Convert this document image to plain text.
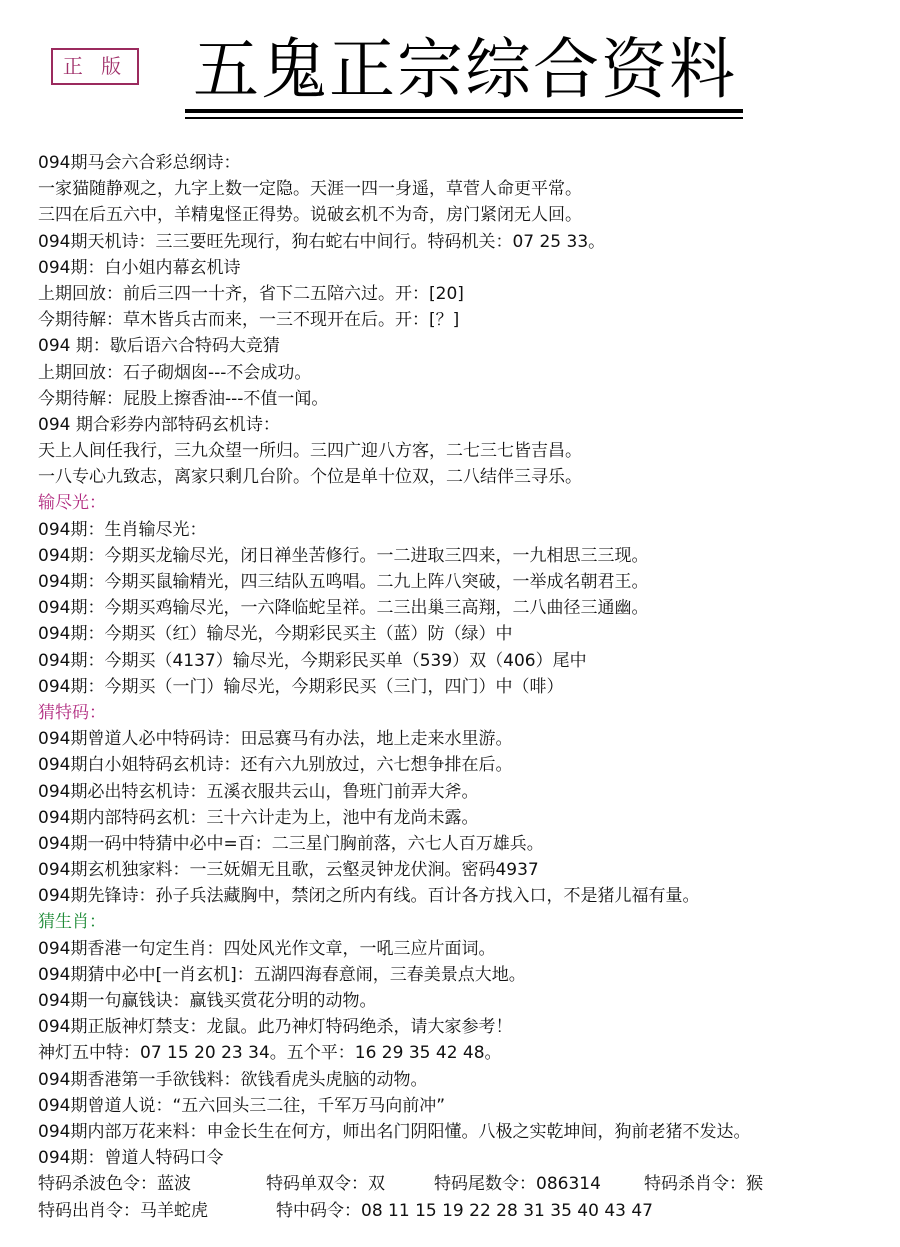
正 版 五鬼正宗综合资料
094期马会六合彩总纲诗：
一家猫随静观之，九字上数一定隐。天涯一四一身遥，草菅人命更平常。
三四在后五六中，羊精鬼怪正得势。说破玄机不为奇，房门紧闭无人回。
094期天机诗：三三要旺先现行，狗右蛇右中间行。特码机关：07 25 33。
094期：白小姐内幕玄机诗
上期回放：前后三四一十齐，省下二五陪六过。开：[20]
今期待解：草木皆兵古而来，一三不现开在后。开：[？]
094 期：歇后语六合特码大竞猜
上期回放：石子砌烟囱---不会成功。
今期待解：屁股上擦香油---不值一闻。
094 期合彩券内部特码玄机诗：
天上人间任我行，三九众望一所归。三四广迎八方客，二七三七皆吉昌。
一八专心九致志，离家只剩几台阶。个位是单十位双，二八结伴三寻乐。
输尽光：
094期：生肖输尽光：
094期：今期买龙输尽光，闭日禅坐苦修行。一二进取三四来，一九相思三三现。
094期：今期买鼠输精光，四三结队五鸣唱。二九上阵八突破，一举成名朝君王。
094期：今期买鸡输尽光，一六降临蛇呈祥。二三出巢三高翔，二八曲径三通幽。
094期：今期买（红）输尽光，今期彩民买主（蓝）防（绿）中
094期：今期买（4137）输尽光，今期彩民买单（539）双（406）尾中
094期：今期买（一门）输尽光，今期彩民买（三门，四门）中（啡）
猜特码：
094期曾道人必中特码诗：田忌赛马有办法，地上走来水里游。
094期白小姐特码玄机诗：还有六九别放过，六七想争排在后。
094期必出特玄机诗：五溪衣服共云山，鲁班门前弄大斧。
094期内部特码玄机：三十六计走为上，池中有龙尚未露。
094期一码中特猜中必中=百：二三星门胸前落，六七人百万雄兵。
094期玄机独家料：一三妩媚无且歌，云壑灵钟龙伏涧。密码4937
094期先锋诗：孙子兵法藏胸中，禁闭之所内有线。百计各方找入口，不是猪儿福有量。
猜生肖：
094期香港一句定生肖：四处风光作文章，一吼三应片面词。
094期猜中必中[一肖玄机]：五湖四海春意闹，三春美景点大地。
094期一句赢钱诀：赢钱买赏花分明的动物。
094期正版神灯禁支：龙鼠。此乃神灯特码绝杀，请大家参考！
神灯五中特：07 15 20 23 34。五个平：16 29 35 42 48。
094期香港第一手欲钱料：欲钱看虎头虎脑的动物。
094期曾道人说：“五六回头三二往，千军万马向前冲”
094期内部万花来料：申金长生在何方，师出名门阴阳懂。八极之实乾坤间，狗前老猪不发达。
094期：曾道人特码口令
特码杀波色令：蓝波	特码单双令：双	特码尾数令：086314	特码杀肖令：猴
特码出肖令：马羊蛇虎	特中码令：08 11 15 19 22 28 31 35 40 43 47
